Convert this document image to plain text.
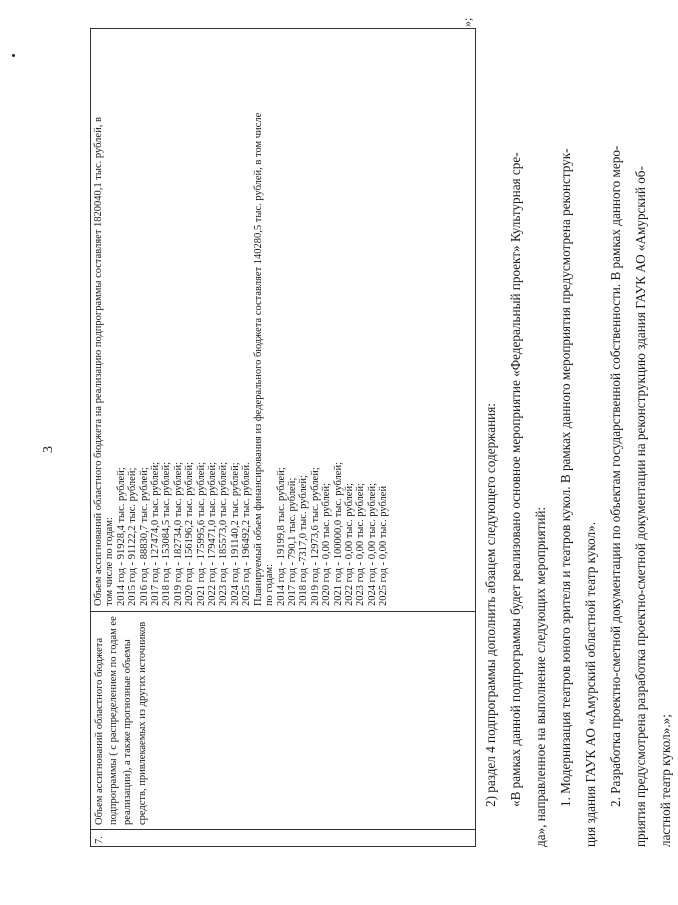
3
7.
Объем ассигнований областного бюджета подпрограммы ( с распределением по годам ее реализации), а также прогнозные объемы средств, привлекаемых из других источников
Объем ассигнований областного бюджета на реализацию подпрограммы составляет 1820040,1 тыс. рублей, в том числе по годам: 2014 год - 91928,4 тыс. рублей; 2015 год - 91122,2 тыс. рублей; 2016 год - 88830,7 тыс. рублей; 2017 год - 127474,0 тыс. рублей; 2018 год - 153084,5 тыс. рублей; 2019 год - 182734,0 тыс. рублей; 2020 год - 156196,2 тыс. рублей; 2021 год - 175995,6 тыс. рублей; 2022 год - 179471,0 тыс. рублей; 2023 год - 185573,0 тыс. рублей; 2024 год - 191140,2 тыс. рублей; 2025 год - 196492,2 тыс. рублей. Планируемый объем финансирования из федерального бюджета составляет 140280,5 тыс. рублей, в том числе по годам: 2014 год - 19199,8 тыс. рублей; 2017 год - 790,1 тыс. рублей; 2018 год -7317,0 тыс. рублей; 2019 год - 12973,6 тыс. рублей; 2020 год - 0,00 тыс. рублей; 2021 год - 100000,0 тыс. рублей; 2022 год - 0,00 тыс. рублей; 2023 год - 0,00 тыс. рублей; 2024 год - 0,00 тыс. рублей; 2025 год - 0,00 тыс. рублей
»;

2) раздел 4 подпрограммы дополнить абзацем следующего содержания: «В рамках данной подпрограммы будет реализовано основное мероприятие «Федеральный проект» Культурная сре- да», направленное на выполнение следующих мероприятий: 1. Модернизация театров юного зрителя и театров кукол. В рамках данного мероприятия предусмотрена реконструк- ция здания ГАУК АО «Амурский областной театр кукол». 2. Разработка проектно-сметной документации по объектам государственной собственности. В рамках данного меро- приятия предусмотрена разработка проектно-сметной документации на реконструкцию здания ГАУК АО «Амурский об- ластной театр кукол».»;
